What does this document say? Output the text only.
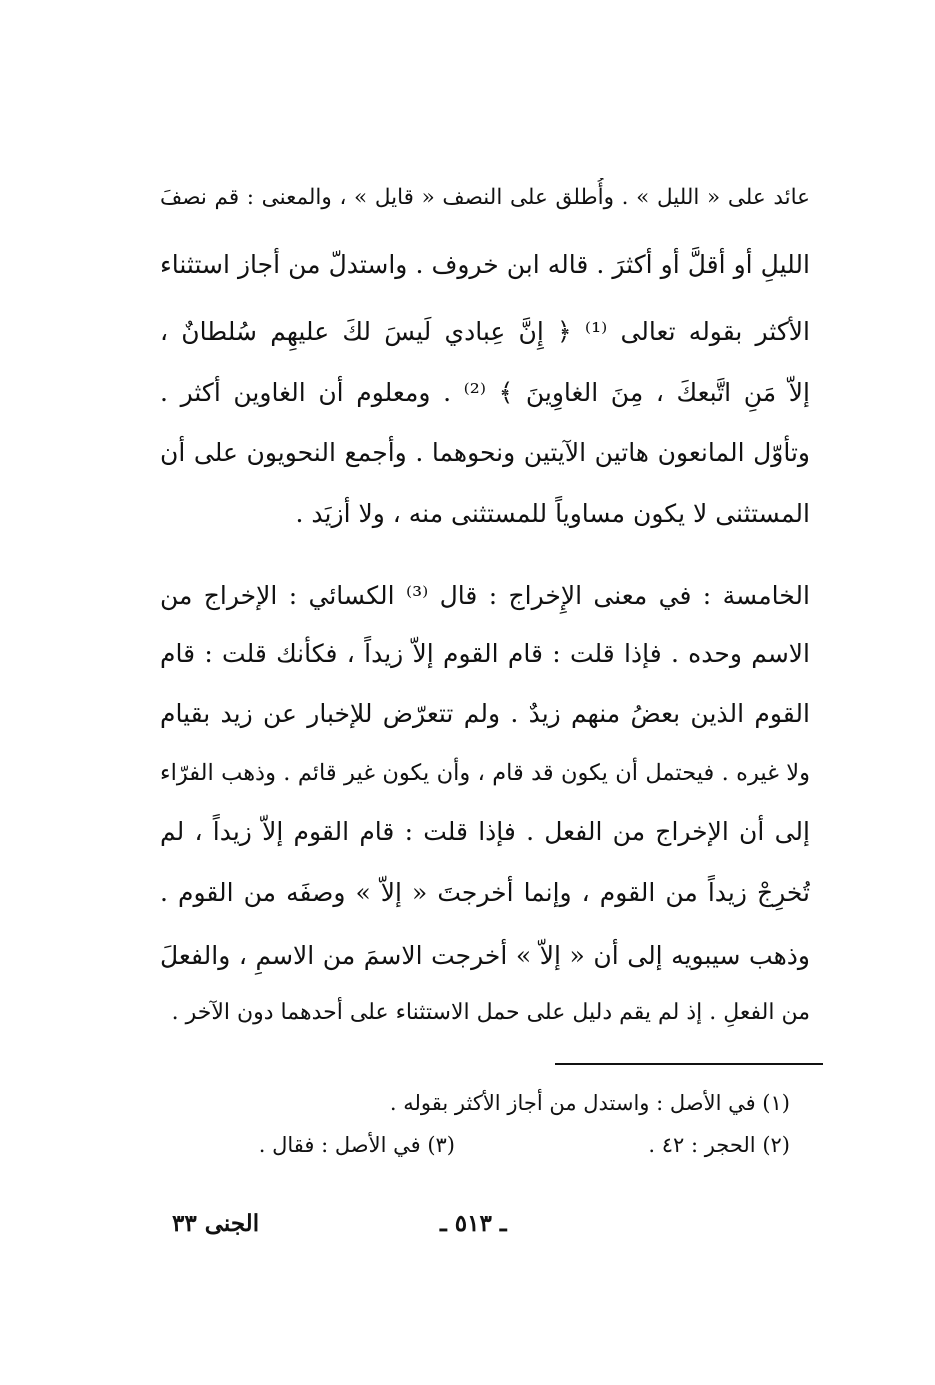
عائد على « الليل » . وأُطلق على النصف « قايل » ، والمعنى : قم نصفَ
الليلِ أو أقلَّ أو أكثرَ . قاله ابن خروف . واستدلّ من أجاز استثناء
الأكثر بقوله تعالى ⁽¹⁾ ﴿ إِنَّ عِبادي لَيسَ لكَ عليهِم سُلطانٌ ،
إلاّ مَنِ اتَّبعكَ ، مِنَ الغاوِينَ ﴾ ⁽²⁾ . ومعلوم أن الغاوين أكثر .
وتأوّل المانعون هاتين الآيتين ونحوهما . وأجمع النحويون على أن
المستثنى لا يكون مساوياً للمستثنى منه ، ولا أزيَد .
الخامسة : في معنى الإِخراج : قال ⁽³⁾ الكسائي : الإخراج من
الاسم وحده . فإذا قلت : قام القوم إلاّ زيداً ، فكأنك قلت : قام
القوم الذين بعضُ منهم زيدٌ . ولم تتعرّض للإخبار عن زيد بقيام
ولا غيره . فيحتمل أن يكون قد قام ، وأن يكون غير قائم . وذهب الفرّاء
إلى أن الإخراج من الفعل . فإذا قلت : قام القوم إلاّ زيداً ، لم
تُخرِجْ زيداً من القوم ، وإنما أخرجتَ « إلاّ » وصفَه من القوم .
وذهب سيبويه إلى أن « إلاّ » أخرجت الاسمَ من الاسمِ ، والفعلَ
من الفعلِ . إذ لم يقم دليل على حمل الاستثناء على أحدهما دون الآخر .
(١) في الأصل : واستدل من أجاز الأكثر بقوله .
(٢) الحجر : ٤٢ .
(٣) في الأصل : فقال .
ـ ٥١٣ ـ
الجنى ٣٣
